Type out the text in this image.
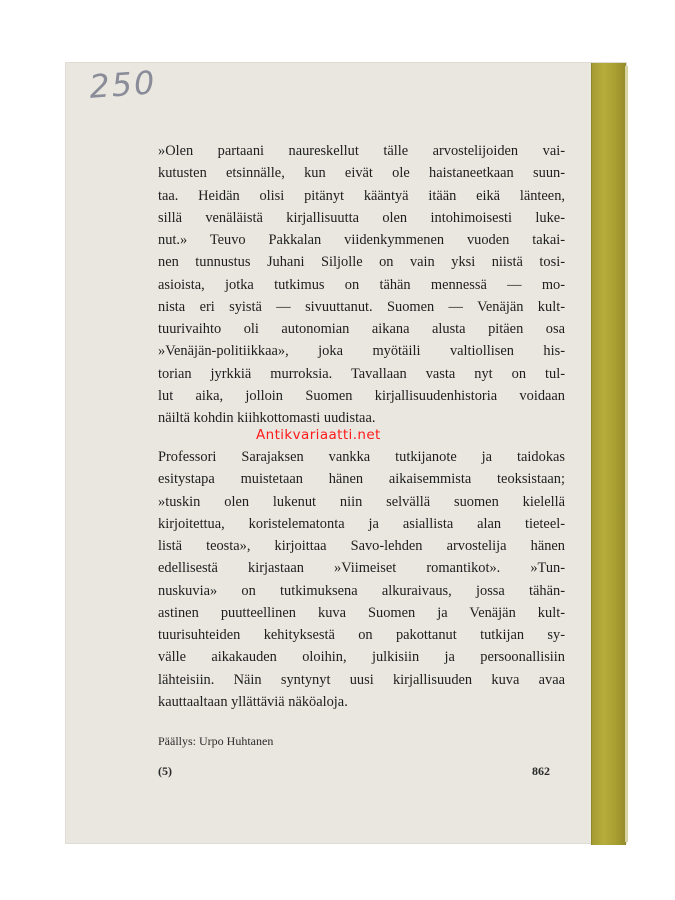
250
»Olen partaani naureskellut tälle arvostelijoiden vai-
kutusten etsinnälle, kun eivät ole haistaneetkaan suun-
taa. Heidän olisi pitänyt kääntyä itään eikä länteen,
sillä venäläistä kirjallisuutta olen intohimoisesti luke-
nut.» Teuvo Pakkalan viidenkymmenen vuoden takai-
nen tunnustus Juhani Siljolle on vain yksi niistä tosi-
asioista, jotka tutkimus on tähän mennessä — mo-
nista eri syistä — sivuuttanut. Suomen — Venäjän kult-
tuurivaihto oli autonomian aikana alusta pitäen osa
»Venäjän-politiikkaa», joka myötäili valtiollisen his-
torian jyrkkiä murroksia. Tavallaan vasta nyt on tul-
lut aika, jolloin Suomen kirjallisuudenhistoria voidaan
näiltä kohdin kiihkottomasti uudistaa.
Antikvariaatti.net
Professori Sarajaksen vankka tutkijanote ja taidokas
esitystapa muistetaan hänen aikaisemmista teoksistaan;
»tuskin olen lukenut niin selvällä suomen kielellä
kirjoitettua, koristelematonta ja asiallista alan tieteel-
listä teosta», kirjoittaa Savo-lehden arvostelija hänen
edellisestä kirjastaan »Viimeiset romantikot». »Tun-
nuskuvia» on tutkimuksena alkuraivaus, jossa tähän-
astinen puutteellinen kuva Suomen ja Venäjän kult-
tuurisuhteiden kehityksestä on pakottanut tutkijan sy-
välle aikakauden oloihin, julkisiin ja persoonallisiin
lähteisiin. Näin syntynyt uusi kirjallisuuden kuva avaa
kauttaaltaan yllättäviä näköaloja.
Päällys: Urpo Huhtanen
(5)	862
